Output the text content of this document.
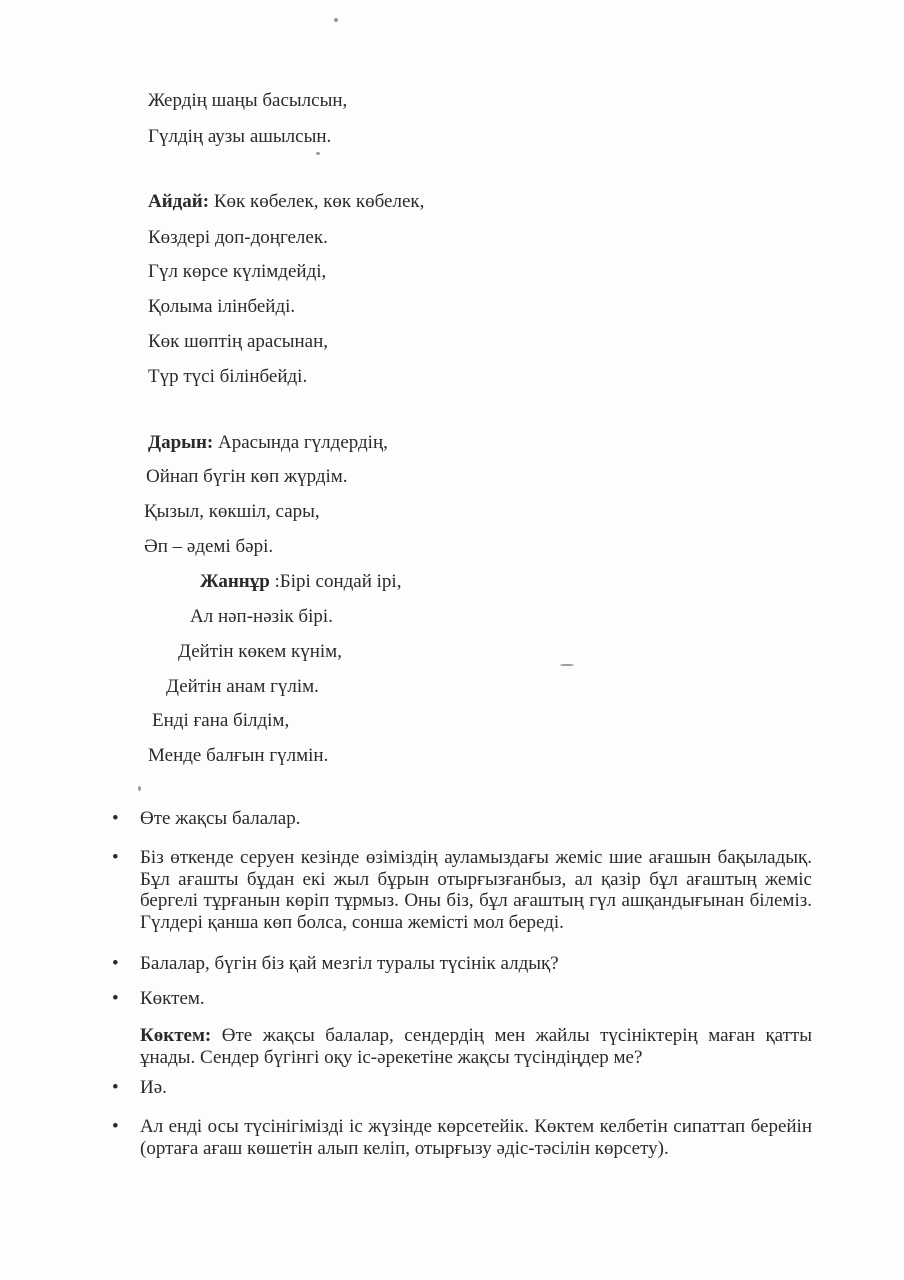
Жердің шаңы басылсын,
Гүлдің аузы ашылсын.
Айдай: Көк көбелек, көк көбелек,
Көздері доп-доңгелек.
Гүл көрсе күлімдейді,
Қолыма ілінбейді.
Көк шөптің арасынан,
Түр түсі білінбейді.
Дарын: Арасында гүлдердің,
Ойнап бүгін көп жүрдім.
Қызыл, көкшіл, сары,
Әп – әдемі бәрі.
Жаннұр :Бірі сондай ірі,
Ал нәп-нәзік бірі.
Дейтін көкем күнім,
Дейтін анам гүлім.
Енді ғана білдім,
Менде балғын гүлмін.
•	Өте жақсы балалар.
•	Біз өткенде серуен кезінде өзіміздің ауламыздағы жеміс шие ағашын бақыладық. Бұл ағашты бұдан екі жыл бұрын отырғызғанбыз, ал қазір бұл ағаштың жеміс бергелі тұрғанын көріп тұрмыз. Оны біз, бұл ағаштың гүл ашқандығынан білеміз. Гүлдері қанша көп болса, сонша жемісті мол береді.
•	Балалар, бүгін біз қай мезгіл туралы түсінік алдық?
•	Көктем.
Көктем: Өте жақсы балалар, сендердің мен жайлы түсініктерің маған қатты ұнады. Сендер бүгінгі оқу іс-әрекетіне жақсы түсіндіңдер ме?
•	Иә.
•	Ал енді осы түсінігімізді іс жүзінде көрсетейік. Көктем келбетін сипаттап берейін (ортаға ағаш көшетін алып келіп, отырғызу әдіс-тәсілін көрсету).
